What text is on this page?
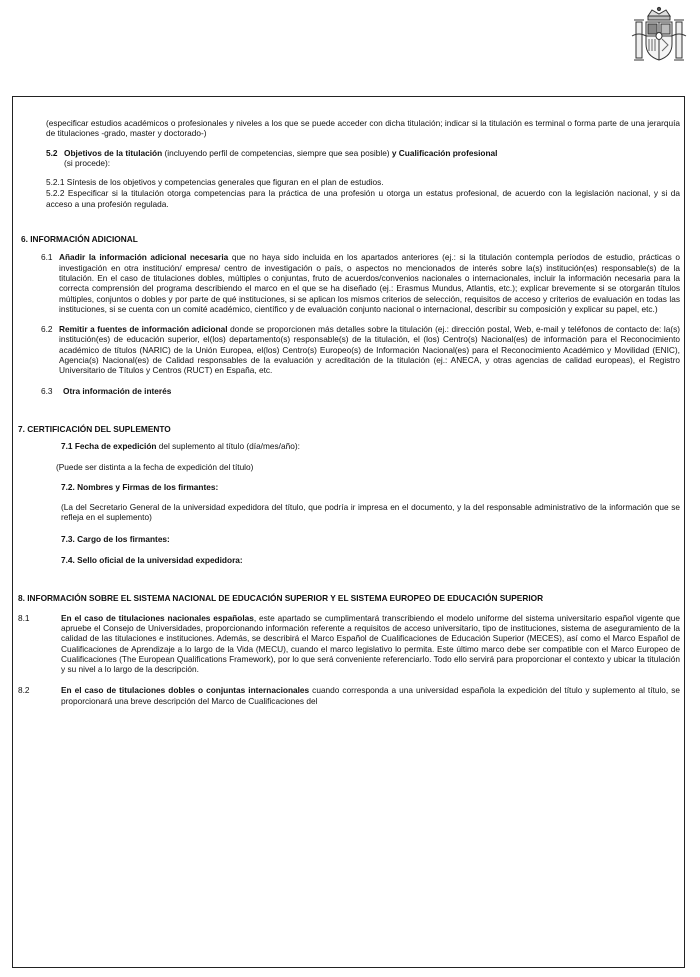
(especificar estudios académicos o profesionales y niveles a los que se puede acceder con dicha titulación; indicar si la titulación es terminal o forma parte de una jerarquía de titulaciones -grado, master y doctorado-)

5.2 Objetivos de la titulación (incluyendo perfil de competencias, siempre que sea posible) y Cualificación profesional
(si procede):

5.2.1 Síntesis de los objetivos y competencias generales que figuran en el plan de estudios.

5.2.2 Especificar si la titulación otorga competencias para la práctica de una profesión u otorga un estatus profesional, de acuerdo con la legislación nacional, y si da acceso a una profesión regulada.

6. INFORMACIÓN ADICIONAL

6.1 Añadir la información adicional necesaria que no haya sido incluida en los apartados anteriores (ej.: si la titulación contempla períodos de estudio, prácticas o investigación en otra institución/ empresa/ centro de investigación o país, o aspectos no mencionados de interés sobre la(s) institución(es) responsable(s) de la titulación. En el caso de titulaciones dobles, múltiples o conjuntas, fruto de acuerdos/convenios nacionales o internacionales, incluir la información necesaria para la correcta comprensión del programa describiendo el marco en el que se ha diseñado (ej.: Erasmus Mundus, Atlantis, etc.); explicar brevemente si se otorgarán títulos múltiples, conjuntos o dobles y por parte de qué instituciones, si se aplican los mismos criterios de selección, requisitos de acceso y criterios de evaluación en todas las instituciones, si se cuenta con un comité académico, científico y de evaluación conjunto nacional o internacional, describir su composición y explicar su papel, etc.)
6.2 Remitir a fuentes de información adicional donde se proporcionen más detalles sobre la titulación (ej.: dirección postal, Web, e-mail y teléfonos de contacto de: la(s) institución(es) de educación superior, el(los) departamento(s) responsable(s) de la titulación, el (los) Centro(s) Nacional(es) de información para el Reconocimiento académico de títulos (NARIC) de la Unión Europea, el(los) Centro(s) Europeo(s) de Información Nacional(es) para el Reconocimiento Académico y Movilidad (ENIC), Agencia(s) Nacional(es) de Calidad responsables de la evaluación y acreditación de la titulación (ej.: ANECA, y otras agencias de calidad europeas), el Registro Universitario de Títulos y Centros (RUCT) en España, etc.
6.3	Otra información de interés

7. CERTIFICACIÓN DEL SUPLEMENTO

7.1 Fecha de expedición del suplemento al título (día/mes/año):

(Puede ser distinta a la fecha de expedición del título)

7.2. Nombres y Firmas de los firmantes:

(La del Secretario General de la universidad expedidora del título, que podría ir impresa en el documento, y la del responsable administrativo de la información que se refleja en el suplemento)

7.3. Cargo de los firmantes:

7.4. Sello oficial de la universidad expedidora:

8. INFORMACIÓN SOBRE EL SISTEMA NACIONAL DE EDUCACIÓN SUPERIOR Y EL SISTEMA EUROPEO DE EDUCACIÓN SUPERIOR

8.1	En el caso de titulaciones nacionales españolas, este apartado se cumplimentará transcribiendo el modelo uniforme del sistema universitario español vigente que apruebe el Consejo de Universidades, proporcionando información referente a requisitos de acceso universitario, tipo de instituciones, sistema de aseguramiento de la calidad de las titulaciones e instituciones. Además, se describirá el Marco Español de Cualificaciones de Educación Superior (MECES), así como el Marco Español de Cualificaciones de Aprendizaje a lo largo de la Vida (MECU), cuando el marco legislativo lo permita. Este último marco debe ser compatible con el Marco Europeo de Cualificaciones (The European Qualifications Framework), por lo que será conveniente referenciarlo. Todo ello servirá para proporcionar el contexto y ubicar la titulación y su nivel a lo largo de la descripción.
8.2	En el caso de titulaciones dobles o conjuntas internacionales cuando corresponda a una universidad española la expedición del título y suplemento al título, se proporcionará una breve descripción del Marco de Cualificaciones del
